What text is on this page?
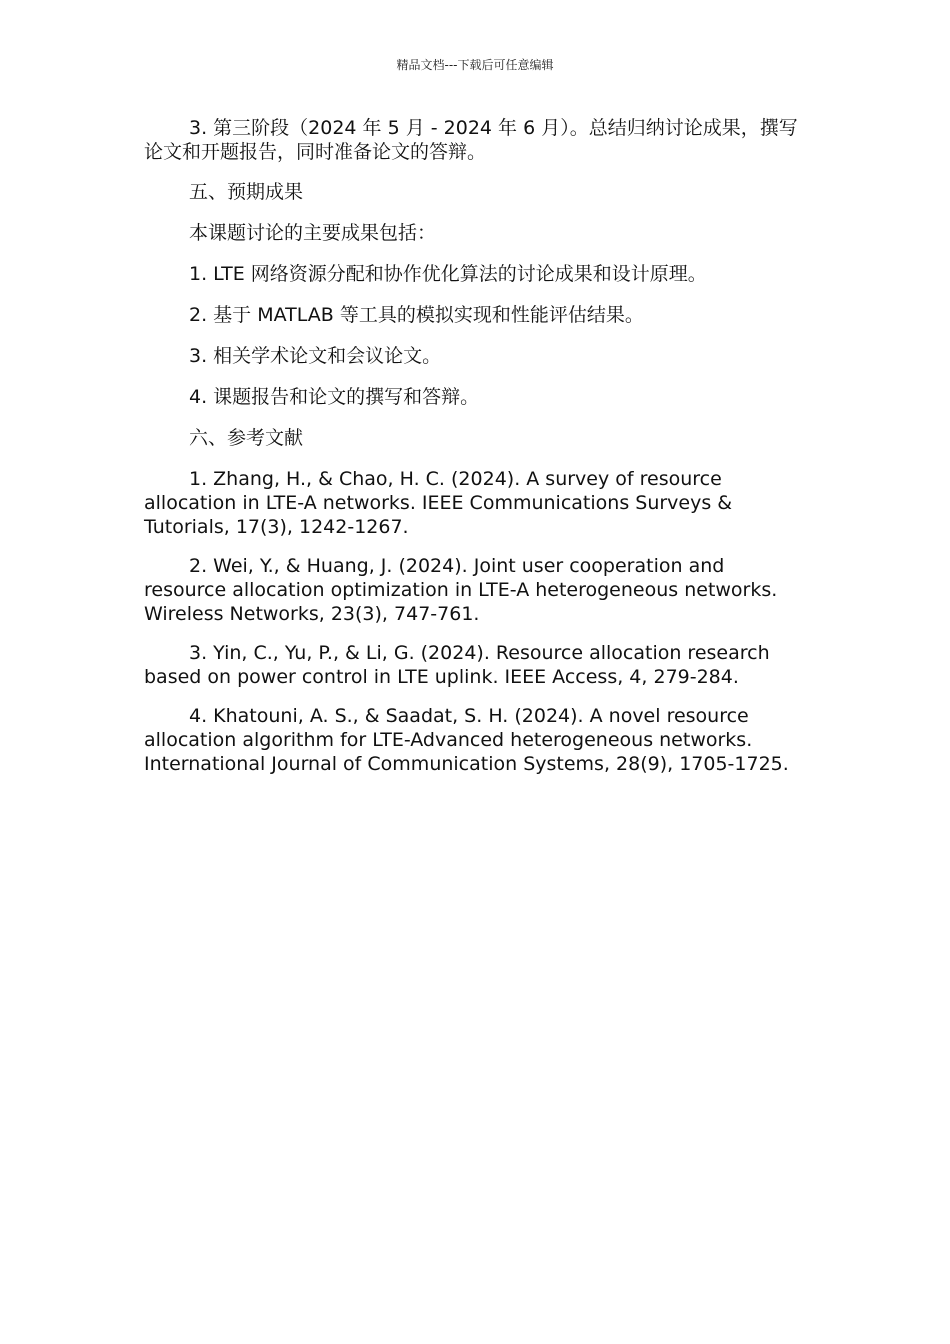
精品文档---下载后可任意编辑

3. 第三阶段（2024 年 5 月 - 2024 年 6 月）。总结归纳讨论成果，撰写论文和开题报告，同时准备论文的答辩。

五、预期成果

本课题讨论的主要成果包括：

1. LTE 网络资源分配和协作优化算法的讨论成果和设计原理。

2. 基于 MATLAB 等工具的模拟实现和性能评估结果。

3. 相关学术论文和会议论文。

4. 课题报告和论文的撰写和答辩。

六、参考文献

1. Zhang, H., & Chao, H. C. (2024). A survey of resource allocation in LTE-A networks. IEEE Communications Surveys & Tutorials, 17(3), 1242-1267.

2. Wei, Y., & Huang, J. (2024). Joint user cooperation and resource allocation optimization in LTE-A heterogeneous networks. Wireless Networks, 23(3), 747-761.

3. Yin, C., Yu, P., & Li, G. (2024). Resource allocation research based on power control in LTE uplink. IEEE Access, 4, 279-284.

4. Khatouni, A. S., & Saadat, S. H. (2024). A novel resource allocation algorithm for LTE-Advanced heterogeneous networks. International Journal of Communication Systems, 28(9), 1705-1725.
